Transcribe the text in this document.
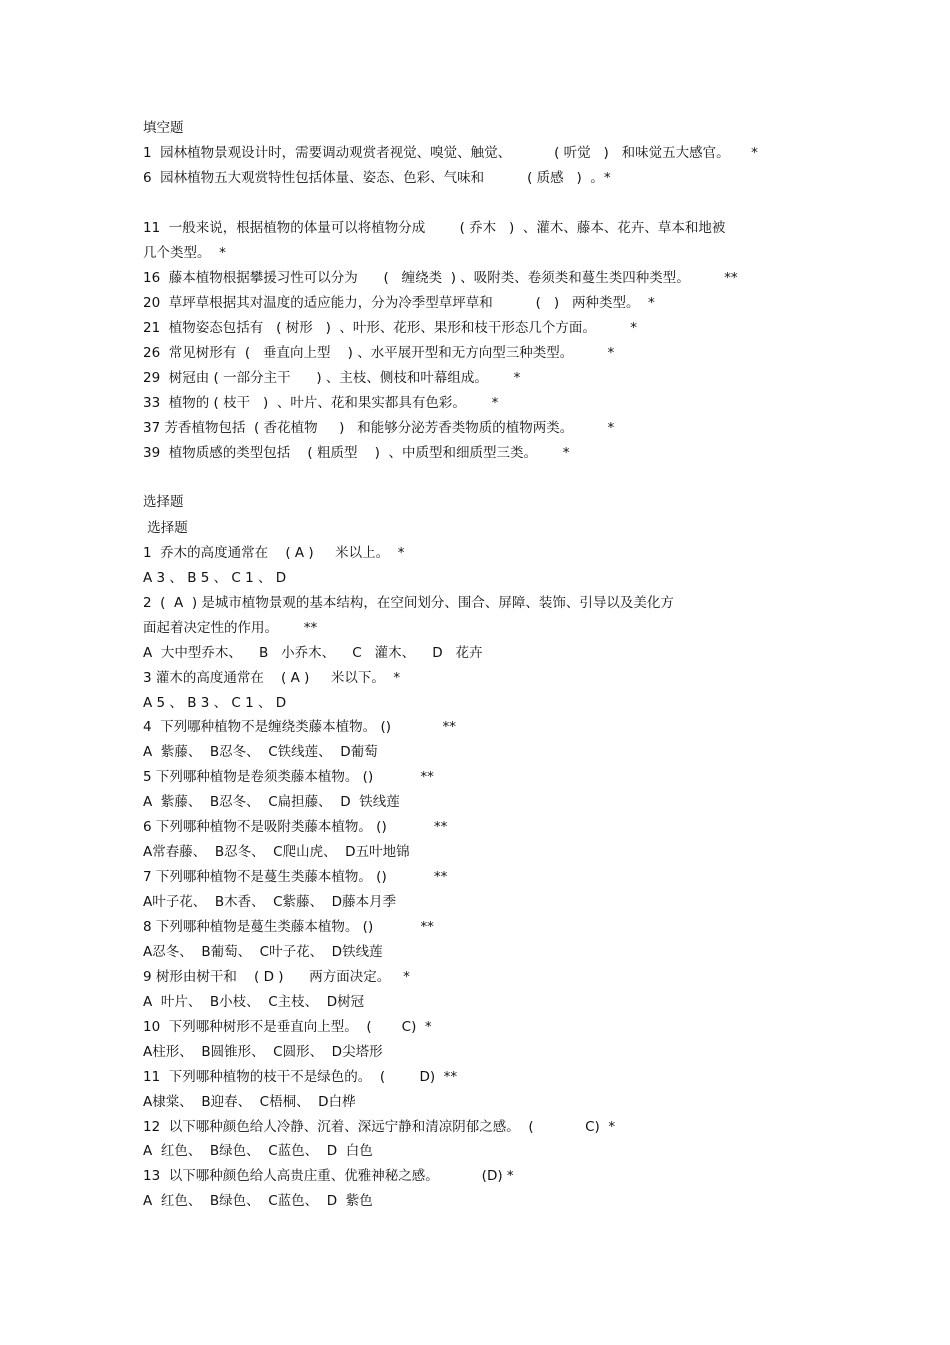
填空题
1  园林植物景观设计时，需要调动观赏者视觉、嗅觉、触觉、          ( 听觉   )   和味觉五大感官。     *
6  园林植物五大观赏特性包括体量、姿态、色彩、气味和          ( 质感   )  。*
11  一般来说，根据植物的体量可以将植物分成        ( 乔木   )  、灌木、藤本、花卉、草本和地被
几个类型。  *
16  藤本植物根据攀援习性可以分为      (   缠绕类  ) 、吸附类、卷须类和蔓生类四种类型。        **
20  草坪草根据其对温度的适应能力，分为冷季型草坪草和          (   )   两种类型。  *
21  植物姿态包括有   ( 树形   )  、叶形、花形、果形和枝干形态几个方面。        *
26  常见树形有  (   垂直向上型    ) 、水平展开型和无方向型三种类型。        *
29  树冠由 ( 一部分主干      ) 、主枝、侧枝和叶幕组成。      *
33  植物的 ( 枝干   )  、叶片、花和果实都具有色彩。      *
37 芳香植物包括  ( 香花植物     )   和能够分泌芳香类物质的植物两类。        *
39  植物质感的类型包括    ( 粗质型    )  、中质型和细质型三类。      *
选择题
选择题
1  乔木的高度通常在    ( A )     米以上。  *
A 3 、 B 5 、 C 1 、 D
2  (  A  ) 是城市植物景观的基本结构，在空间划分、围合、屏障、装饰、引导以及美化方
面起着决定性的作用。      **
A  大中型乔木、    B   小乔木、    C   灌木、    D   花卉
3 灌木的高度通常在    ( A )     米以下。  *
A 5 、 B 3 、 C 1 、 D
4  下列哪种植物不是缠绕类藤本植物。 ()            **
A  紫藤、  B忍冬、  C铁线莲、  D葡萄
5 下列哪种植物是卷须类藤本植物。 ()           **
A  紫藤、  B忍冬、  C扁担藤、  D  铁线莲
6 下列哪种植物不是吸附类藤本植物。 ()           **
A常春藤、  B忍冬、  C爬山虎、  D五叶地锦
7 下列哪种植物不是蔓生类藤本植物。 ()           **
A叶子花、  B木香、  C紫藤、  D藤本月季
8 下列哪种植物是蔓生类藤本植物。 ()           **
A忍冬、  B葡萄、  C叶子花、  D铁线莲
9 树形由树干和    ( D )      两方面决定。   *
A  叶片、  B小枝、  C主枝、  D树冠
10  下列哪种树形不是垂直向上型。  (       C)  *
A柱形、  B圆锥形、  C圆形、  D尖塔形
11  下列哪种植物的枝干不是绿色的。  (        D)  **
A棣棠、  B迎春、  C梧桐、  D白桦
12  以下哪种颜色给人冷静、沉着、深远宁静和清凉阴郁之感。  (            C)  *
A  红色、  B绿色、  C蓝色、  D  白色
13  以下哪种颜色给人高贵庄重、优雅神秘之感。          (D) *
A  红色、  B绿色、  C蓝色、  D  紫色
